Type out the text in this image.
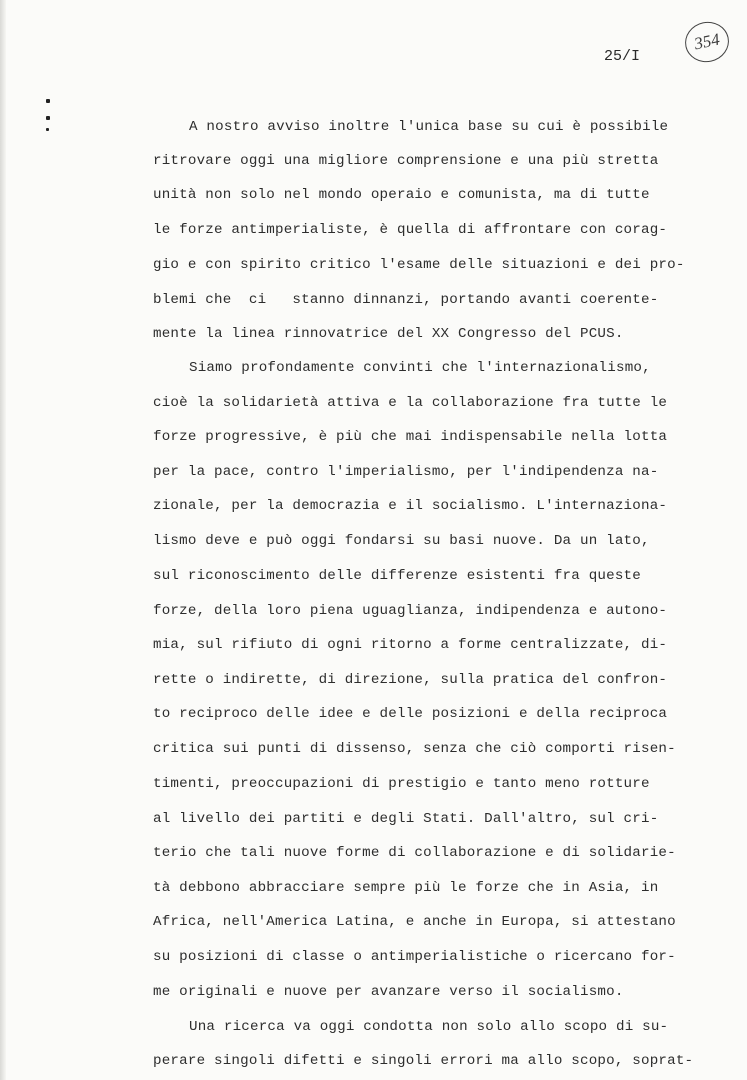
354
25/I
A nostro avviso inoltre l'unica base su cui è possibile
ritrovare oggi una migliore comprensione e una più stretta
unità non solo nel mondo operaio e comunista, ma di tutte
le forze antimperialiste, è quella di affrontare con corag-
gio e con spirito critico l'esame delle situazioni e dei pro-
blemi che  ci   stanno dinnanzi, portando avanti coerente-
mente la linea rinnovatrice del XX Congresso del PCUS.
Siamo profondamente convinti che l'internazionalismo,
cioè la solidarietà attiva e la collaborazione fra tutte le
forze progressive, è più che mai indispensabile nella lotta
per la pace, contro l'imperialismo, per l'indipendenza na-
zionale, per la democrazia e il socialismo. L'internaziona-
lismo deve e può oggi fondarsi su basi nuove. Da un lato,
sul riconoscimento delle differenze esistenti fra queste
forze, della loro piena uguaglianza, indipendenza e autono-
mia, sul rifiuto di ogni ritorno a forme centralizzate, di-
rette o indirette, di direzione, sulla pratica del confron-
to reciproco delle idee e delle posizioni e della reciproca
critica sui punti di dissenso, senza che ciò comporti risen-
timenti, preoccupazioni di prestigio e tanto meno rotture
al livello dei partiti e degli Stati. Dall'altro, sul cri-
terio che tali nuove forme di collaborazione e di solidarie-
tà debbono abbracciare sempre più le forze che in Asia, in
Africa, nell'America Latina, e anche in Europa, si attestano
su posizioni di classe o antimperialistiche o ricercano for-
me originali e nuove per avanzare verso il socialismo.
Una ricerca va oggi condotta non solo allo scopo di su-
perare singoli difetti e singoli errori ma allo scopo, soprat-
